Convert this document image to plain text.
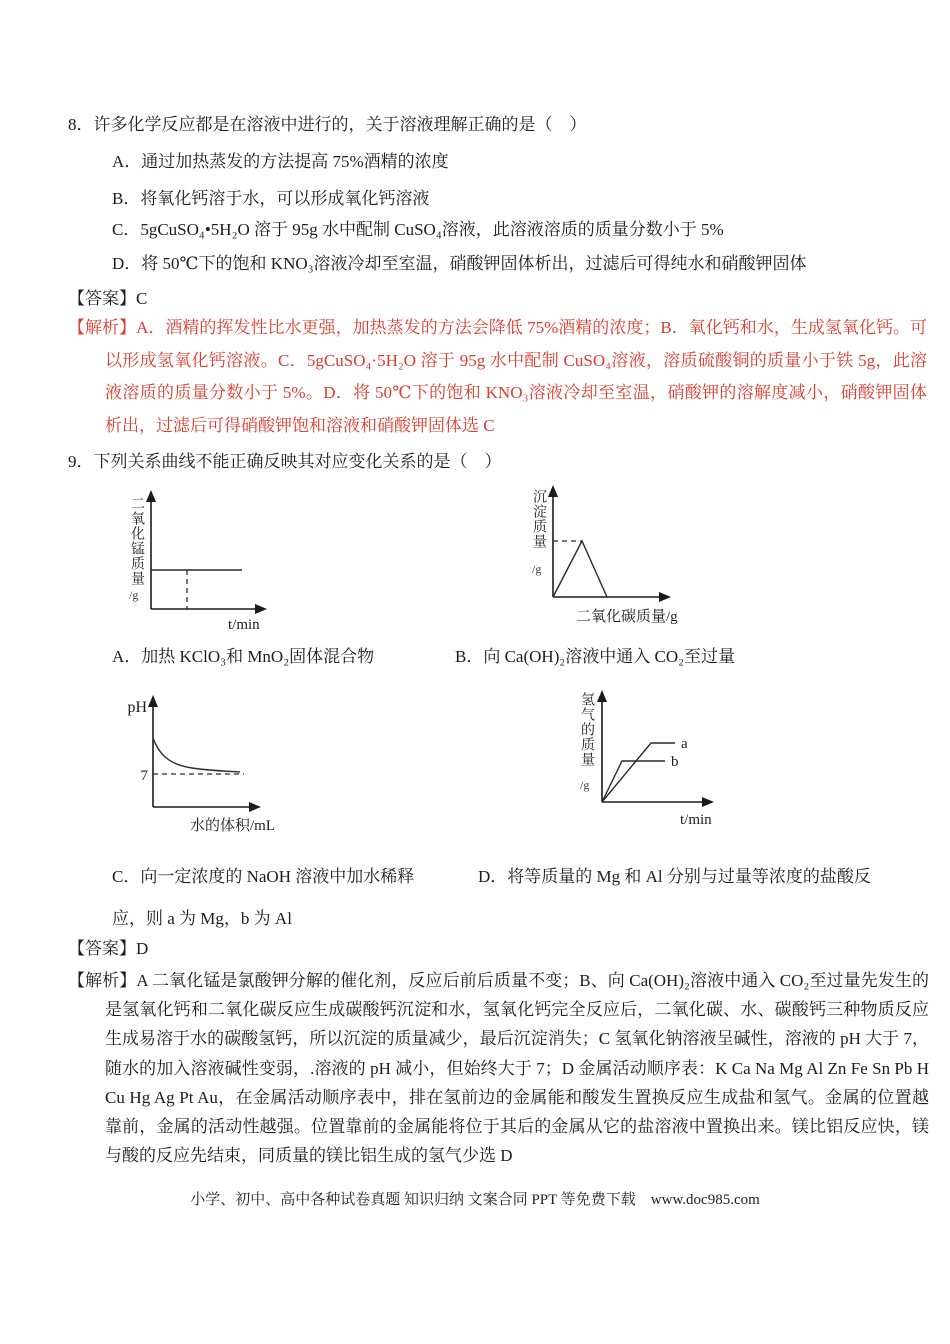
8．许多化学反应都是在溶液中进行的，关于溶液理解正确的是（　）
A．通过加热蒸发的方法提高 75%酒精的浓度
B．将氧化钙溶于水，可以形成氧化钙溶液
C．5gCuSO₄•5H₂O 溶于 95g 水中配制 CuSO₄溶液，此溶液溶质的质量分数小于 5%
D．将 50℃下的饱和 KNO₃溶液冷却至室温，硝酸钾固体析出，过滤后可得纯水和硝酸钾固体
【答案】C
【解析】A．酒精的挥发性比水更强，加热蒸发的方法会降低 75%酒精的浓度；B．氧化钙和水，生成氢氧化钙。可以形成氢氧化钙溶液。C．5gCuSO₄·5H₂O 溶于 95g 水中配制 CuSO₄溶液，溶质硫酸铜的质量小于铁 5g，此溶液溶质的质量分数小于 5%。D．将 50℃下的饱和 KNO₃溶液冷却至室温，硝酸钾的溶解度减小，硝酸钾固体析出，过滤后可得硝酸钾饱和溶液和硝酸钾固体选 C
9．下列关系曲线不能正确反映其对应变化关系的是（　）
二氧化锰质量
/g
t/min
沉淀质量
/g
二氧化碳质量/g
A．加热 KClO₃和 MnO₂固体混合物	B．向 Ca(OH)₂溶液中通入 CO₂至过量
7
pH
水的体积/mL
氢气的质量
/g
a
b
t/min
C．向一定浓度的 NaOH 溶液中加水稀释	D．将等质量的 Mg 和 Al 分别与过量等浓度的盐酸反
应，则 a 为 Mg，b 为 Al
【答案】D
【解析】A 二氧化锰是氯酸钾分解的催化剂，反应后前后质量不变；B、向 Ca(OH)₂溶液中通入 CO₂至过量先发生的是氢氧化钙和二氧化碳反应生成碳酸钙沉淀和水，氢氧化钙完全反应后，二氧化碳、水、碳酸钙三种物质反应生成易溶于水的碳酸氢钙，所以沉淀的质量减少，最后沉淀消失；C 氢氧化钠溶液呈碱性，溶液的 pH 大于 7，随水的加入溶液碱性变弱，.溶液的 pH 减小，但始终大于 7；D 金属活动顺序表：K Ca Na Mg Al Zn Fe Sn Pb H Cu Hg Ag Pt Au，在金属活动顺序表中，排在氢前边的金属能和酸发生置换反应生成盐和氢气。金属的位置越靠前，金属的活动性越强。位置靠前的金属能将位于其后的金属从它的盐溶液中置换出来。镁比铝反应快，镁与酸的反应先结束，同质量的镁比铝生成的氢气少选 D
小学、初中、高中各种试卷真题 知识归纳 文案合同 PPT 等免费下载　www.doc985.com
